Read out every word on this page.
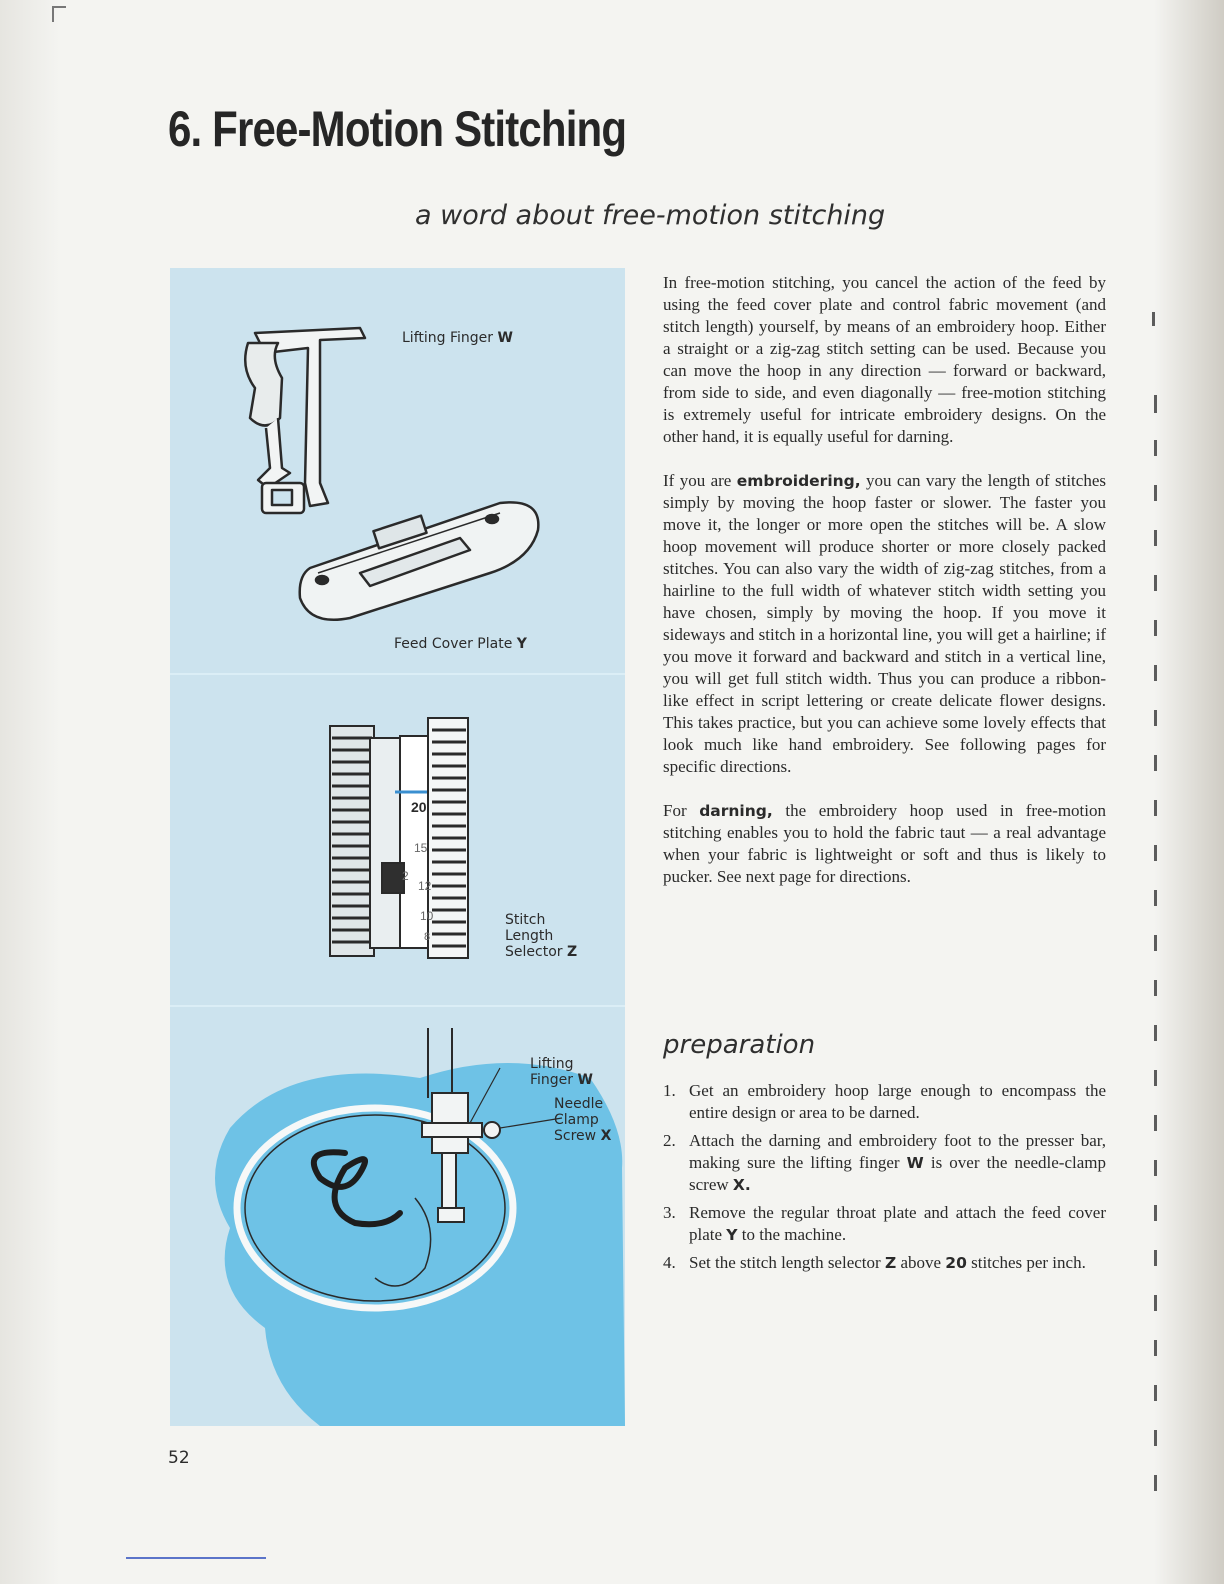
6. Free-Motion Stitching

a word about free-motion stitching

20
15
12
10
8
2
Lifting Finger W
Feed Cover Plate Y
Stitch
Length
Selector Z
Lifting
Finger W
Needle
Clamp
Screw X

In free-motion stitching, you cancel the action of the feed by using the feed cover plate and control fabric movement (and stitch length) yourself, by means of an embroidery hoop. Either a straight or a zig-zag stitch setting can be used. Because you can move the hoop in any direction — forward or backward, from side to side, and even diagonally — free-motion stitching is extremely useful for intricate embroidery designs. On the other hand, it is equally useful for darning.

If you are embroidering, you can vary the length of stitches simply by moving the hoop faster or slower. The faster you move it, the longer or more open the stitches will be. A slow hoop movement will produce shorter or more closely packed stitches. You can also vary the width of zig-zag stitches, from a hairline to the full width of whatever stitch width setting you have chosen, simply by moving the hoop. If you move it sideways and stitch in a horizontal line, you will get a hairline; if you move it forward and backward and stitch in a vertical line, you will get full stitch width. Thus you can produce a ribbon-like effect in script lettering or create delicate flower designs. This takes practice, but you can achieve some lovely effects that look much like hand embroidery. See following pages for specific directions.

For darning, the embroidery hoop used in free-motion stitching enables you to hold the fabric taut — a real advantage when your fabric is lightweight or soft and thus is likely to pucker. See next page for directions.

preparation
1. Get an embroidery hoop large enough to encompass the entire design or area to be darned.
2. Attach the darning and embroidery foot to the presser bar, making sure the lifting finger W is over the needle-clamp screw X.
3. Remove the regular throat plate and attach the feed cover plate Y to the machine.
4. Set the stitch length selector Z above 20 stitches per inch.
52
